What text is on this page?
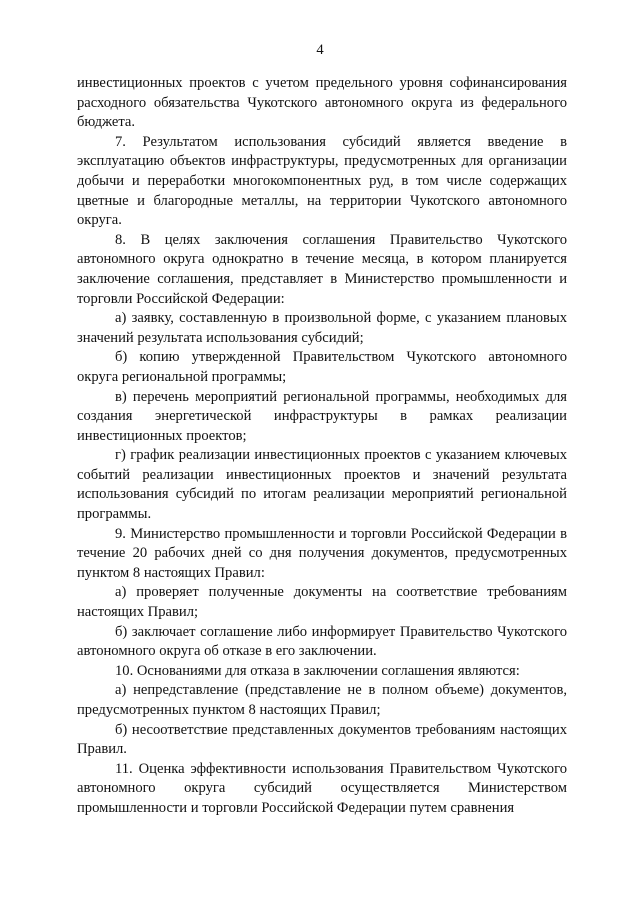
4

инвестиционных проектов с учетом предельного уровня софинансирования расходного обязательства Чукотского автономного округа из федерального бюджета.

7. Результатом использования субсидий является введение в эксплуатацию объектов инфраструктуры, предусмотренных для организации добычи и переработки многокомпонентных руд, в том числе содержащих цветные и благородные металлы, на территории Чукотского автономного округа.

8. В целях заключения соглашения Правительство Чукотского автономного округа однократно в течение месяца, в котором планируется заключение соглашения, представляет в Министерство промышленности и торговли Российской Федерации:

а) заявку, составленную в произвольной форме, с указанием плановых значений результата использования субсидий;

б) копию утвержденной Правительством Чукотского автономного округа региональной программы;

в) перечень мероприятий региональной программы, необходимых для создания энергетической инфраструктуры в рамках реализации инвестиционных проектов;

г) график реализации инвестиционных проектов с указанием ключевых событий реализации инвестиционных проектов и значений результата использования субсидий по итогам реализации мероприятий региональной программы.

9. Министерство промышленности и торговли Российской Федерации в течение 20 рабочих дней со дня получения документов, предусмотренных пунктом 8 настоящих Правил:

а) проверяет полученные документы на соответствие требованиям настоящих Правил;

б) заключает соглашение либо информирует Правительство Чукотского автономного округа об отказе в его заключении.

10. Основаниями для отказа в заключении соглашения являются:

а) непредставление (представление не в полном объеме) документов, предусмотренных пунктом 8 настоящих Правил;

б) несоответствие представленных документов требованиям настоящих Правил.

11. Оценка эффективности использования Правительством Чукотского автономного округа субсидий осуществляется Министерством промышленности и торговли Российской Федерации путем сравнения
